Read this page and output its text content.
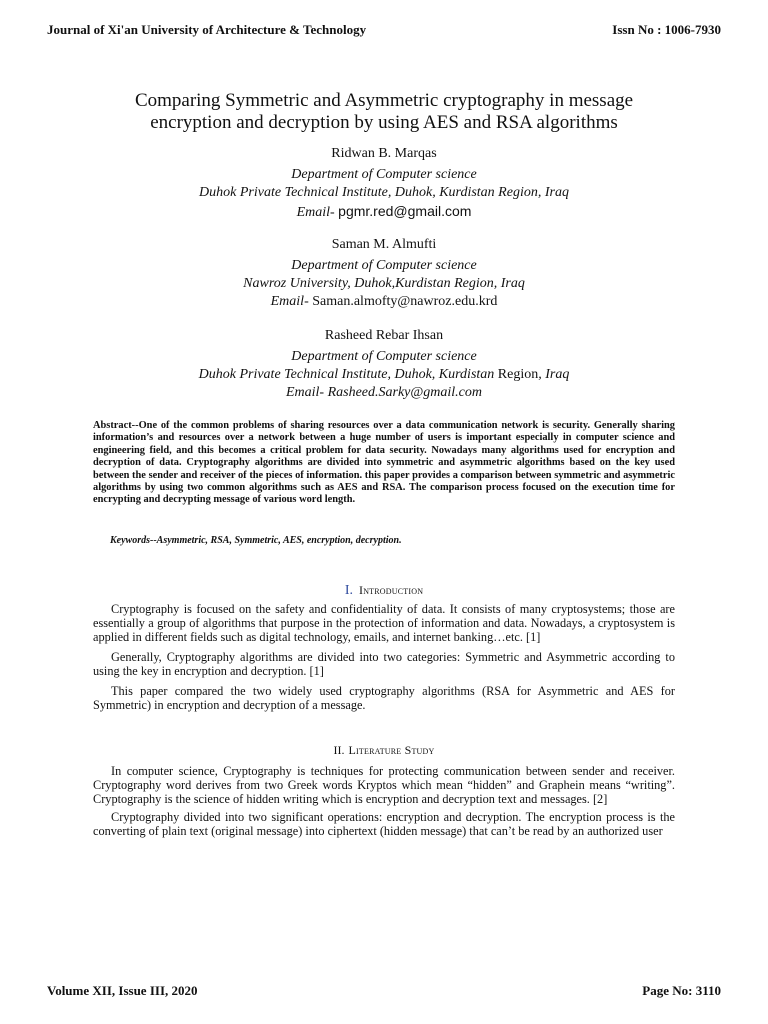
Journal of Xi'an University of Architecture & Technology	Issn No : 1006-7930
Comparing Symmetric and Asymmetric cryptography in message
encryption and decryption by using AES and RSA algorithms
Ridwan B. Marqas
Department of Computer science
Duhok Private Technical Institute, Duhok, Kurdistan Region, Iraq
Email- pgmr.red@gmail.com
Saman M. Almufti
Department of Computer science
Nawroz University, Duhok,Kurdistan Region, Iraq
Email- Saman.almofty@nawroz.edu.krd
Rasheed Rebar Ihsan
Department of Computer science
Duhok Private Technical Institute, Duhok, Kurdistan Region, Iraq
Email- Rasheed.Sarky@gmail.com
Abstract--One of the common problems of sharing resources over a data communication network is security. Generally sharing information’s and resources over a network between a huge number of users is important especially in computer science and engineering field, and this becomes a critical problem for data security. Nowadays many algorithms used for encryption and decryption of data. Cryptography algorithms are divided into symmetric and asymmetric algorithms based on the key used between the sender and receiver of the pieces of information. this paper provides a comparison between symmetric and asymmetric algorithms by using two common algorithms such as AES and RSA. The comparison process focused on the execution time for encrypting and decrypting message of various word length.
Keywords--Asymmetric, RSA, Symmetric, AES, encryption, decryption.
I. Introduction
Cryptography is focused on the safety and confidentiality of data. It consists of many cryptosystems; those are essentially a group of algorithms that purpose in the protection of information and data. Nowadays, a cryptosystem is applied in different fields such as digital technology, emails, and internet banking…etc. [1]
Generally, Cryptography algorithms are divided into two categories: Symmetric and Asymmetric according to using the key in encryption and decryption. [1]
This paper compared the two widely used cryptography algorithms (RSA for Asymmetric and AES for Symmetric) in encryption and decryption of a message.
II. Literature Study
In computer science, Cryptography is techniques for protecting communication between sender and receiver. Cryptography word derives from two Greek words Kryptos which mean “hidden” and Graphein means “writing”. Cryptography is the science of hidden writing which is encryption and decryption text and messages. [2]
Cryptography divided into two significant operations: encryption and decryption. The encryption process is the converting of plain text (original message) into ciphertext (hidden message) that can’t be read by an authorized user
Volume XII, Issue III, 2020	Page No: 3110
